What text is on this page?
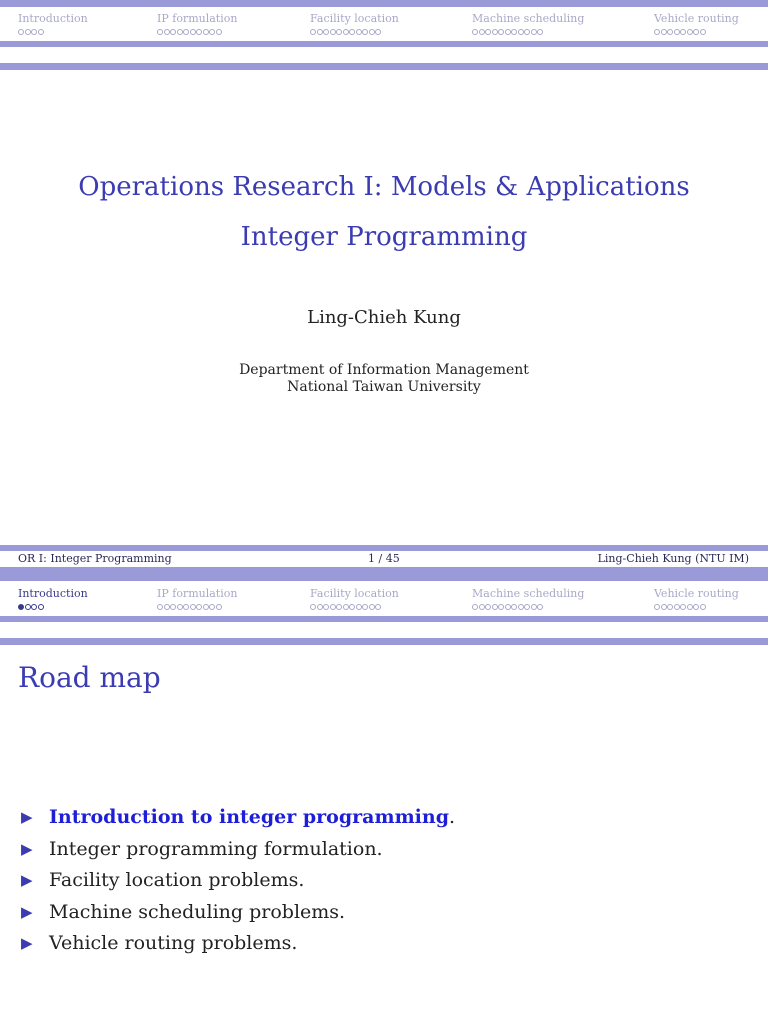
Introduction	IP formulation	Facility location	Machine scheduling	Vehicle routing
Operations Research I: Models & Applications
Integer Programming
Ling-Chieh Kung
Department of Information Management
National Taiwan University
OR I: Integer Programming	1 / 45	Ling-Chieh Kung (NTU IM)
Introduction	IP formulation	Facility location	Machine scheduling	Vehicle routing
Road map
▶ Introduction to integer programming.
▶ Integer programming formulation.
▶ Facility location problems.
▶ Machine scheduling problems.
▶ Vehicle routing problems.
